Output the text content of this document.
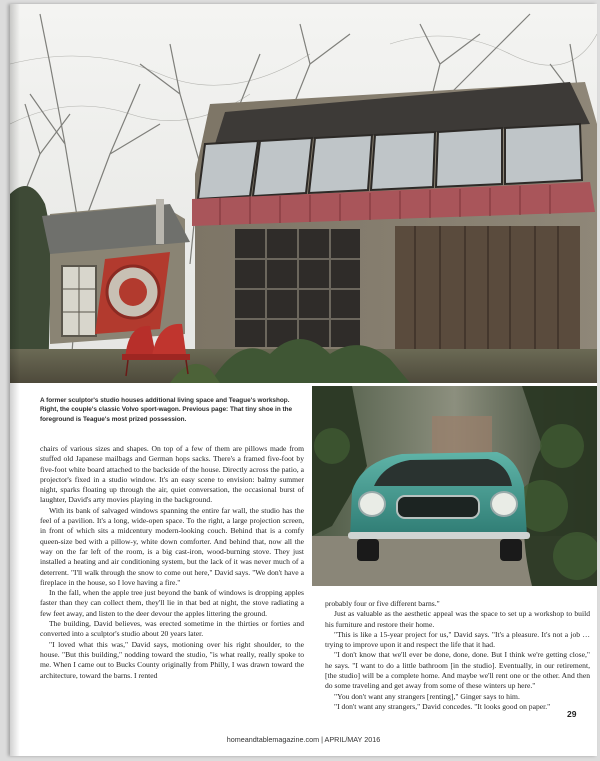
A former sculptor's studio houses additional living space and Teague's workshop. Right, the couple's classic Volvo sport-wagon. Previous page: That tiny shoe in the foreground is Teague's most prized possession.

chairs of various sizes and shapes. On top of a few of them are pillows made from stuffed old Japanese mailbags and German hops sacks. There's a framed five-foot by five-foot white board attached to the backside of the house. Directly across the patio, a projector's fixed in a studio window. It's an easy scene to envision: balmy summer night, sparks floating up through the air, quiet conversation, the occasional burst of laughter, David's arty movies playing in the background.

With its bank of salvaged windows spanning the entire far wall, the studio has the feel of a pavilion. It's a long, wide-open space. To the right, a large projection screen, in front of which sits a midcentury modern-looking couch. Behind that is a comfy queen-size bed with a pillow-y, white down comforter. And behind that, now all the way on the far left of the room, is a big cast-iron, wood-burning stove. They just installed a heating and air conditioning system, but the lack of it was never much of a deterrent. "I'll walk through the snow to come out here," David says. "We don't have a fireplace in the house, so I love having a fire."

In the fall, when the apple tree just beyond the bank of windows is dropping apples faster than they can collect them, they'll lie in that bed at night, the stove radiating a few feet away, and listen to the deer devour the apples littering the ground.

The building, David believes, was erected sometime in the thirties or forties and converted into a sculptor's studio about 20 years later.

"I loved what this was," David says, motioning over his right shoulder, to the house. "But this building," nodding toward the studio, "is what really, really spoke to me. When I came out to Bucks County originally from Philly, I was drawn toward the architecture, toward the barns. I rented

probably four or five different barns."

Just as valuable as the aesthetic appeal was the space to set up a workshop to build his furniture and restore their home.

"This is like a 15-year project for us," David says. "It's a pleasure. It's not a job … trying to improve upon it and respect the life that it had.

"I don't know that we'll ever be done, done, done. But I think we're getting close," he says. "I want to do a little bathroom [in the studio]. Eventually, in our retirement, [the studio] will be a complete home. And maybe we'll rent one or the other. And then do some traveling and get away from some of these winters up here."

"You don't want any strangers [renting]," Ginger says to him.

"I don't want any strangers," David concedes. "It looks good on paper."

29
homeandtablemagazine.com | APRIL/MAY 2016
